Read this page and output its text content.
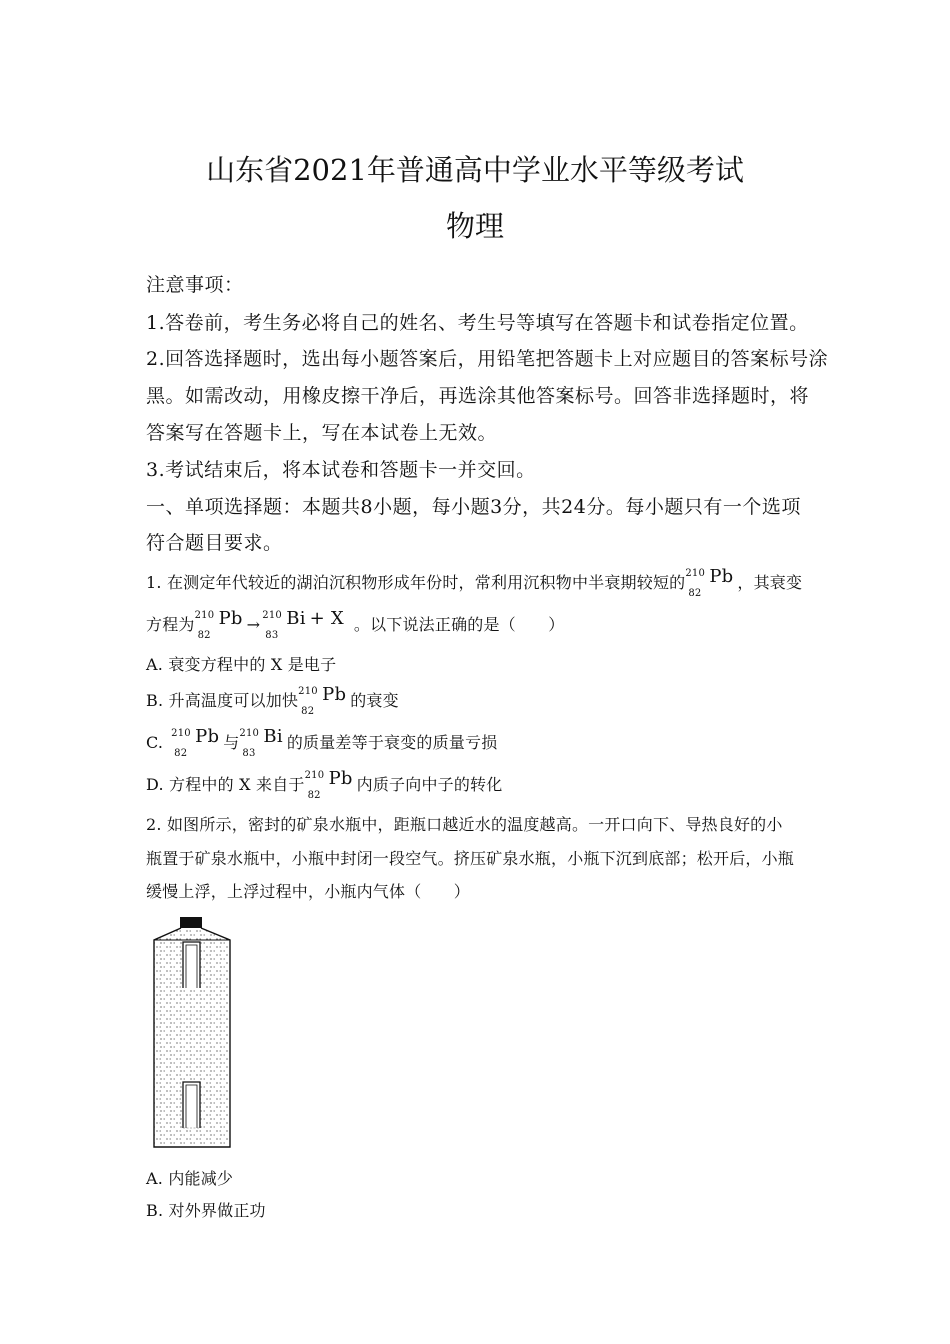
山东省2021年普通高中学业水平等级考试
物理
注意事项：
1.答卷前，考生务必将自己的姓名、考生号等填写在答题卡和试卷指定位置。
2.回答选择题时，选出每小题答案后，用铅笔把答题卡上对应题目的答案标号涂
黑。如需改动，用橡皮擦干净后，再选涂其他答案标号。回答非选择题时，将
答案写在答题卡上，写在本试卷上无效。
3.考试结束后，将本试卷和答题卡一并交回。
一、单项选择题：本题共8小题，每小题3分，共24分。每小题只有一个选项
符合题目要求。
1. 在测定年代较近的湖泊沉积物形成年份时，常利用沉积物中半衰期较短的 210
82
Pb ，其衰变
方程为 210
82
Pb → 210
83
Bi + X 。以下说法正确的是（　　）
A. 衰变方程中的 X 是电子
B. 升高温度可以加快 210
82
Pb 的衰变
C. 210
82
Pb 与 210
83
Bi 的质量差等于衰变的质量亏损
D. 方程中的 X 来自于 210
82
Pb 内质子向中子的转化
2. 如图所示，密封的矿泉水瓶中，距瓶口越近水的温度越高。一开口向下、导热良好的小
瓶置于矿泉水瓶中，小瓶中封闭一段空气。挤压矿泉水瓶，小瓶下沉到底部；松开后，小瓶
缓慢上浮，上浮过程中，小瓶内气体（　　）
A. 内能减少
B. 对外界做正功
